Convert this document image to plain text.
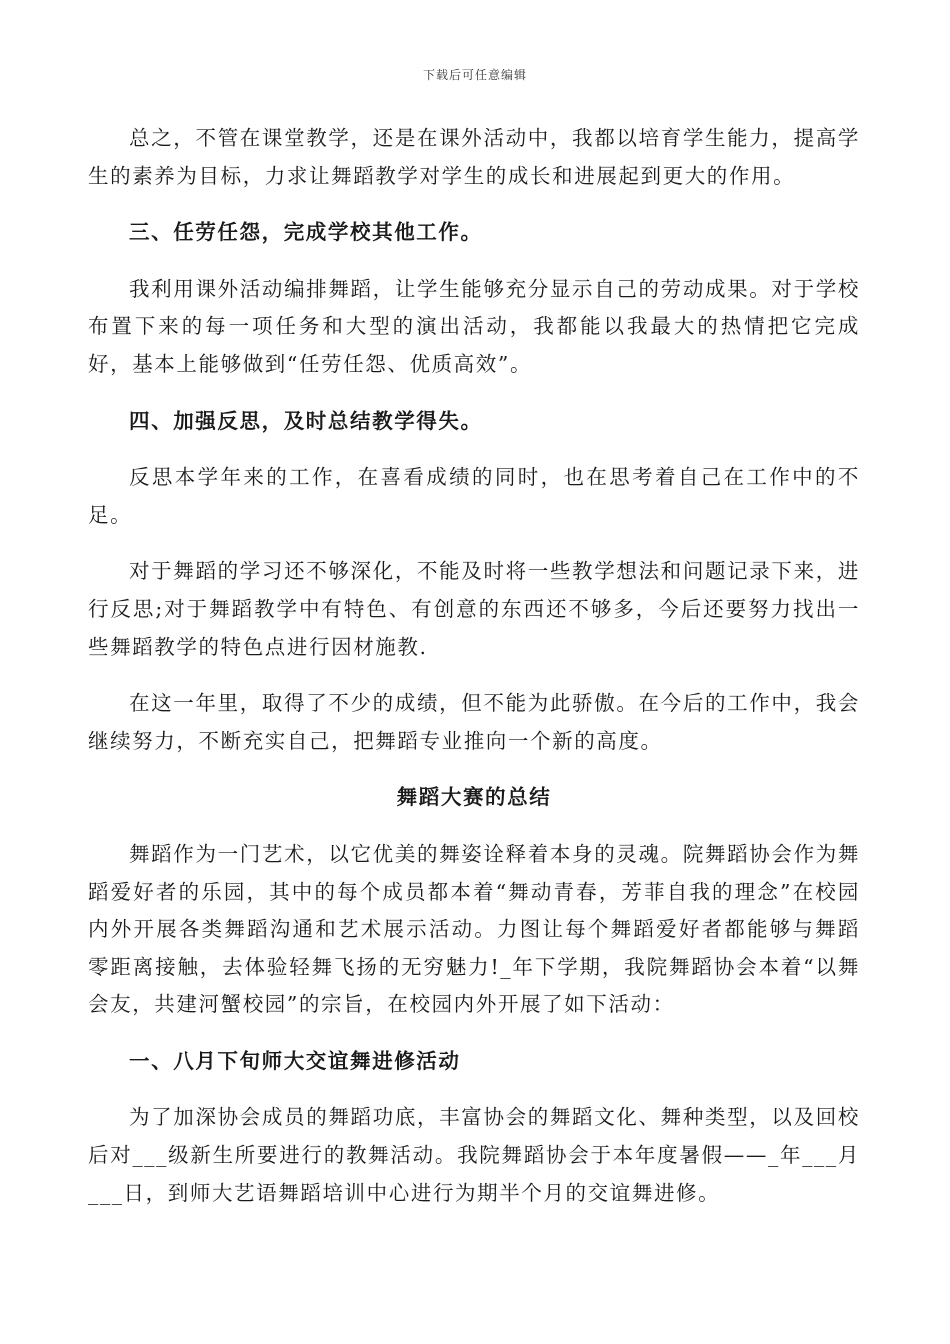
下载后可任意编辑

总之，不管在课堂教学，还是在课外活动中，我都以培育学生能力，提高学生的素养为目标，力求让舞蹈教学对学生的成长和进展起到更大的作用。

三、任劳任怨，完成学校其他工作。

我利用课外活动编排舞蹈，让学生能够充分显示自己的劳动成果。对于学校布置下来的每一项任务和大型的演出活动，我都能以我最大的热情把它完成好，基本上能够做到“任劳任怨、优质高效”。

四、加强反思，及时总结教学得失。

反思本学年来的工作，在喜看成绩的同时，也在思考着自己在工作中的不足。

对于舞蹈的学习还不够深化，不能及时将一些教学想法和问题记录下来，进行反思;对于舞蹈教学中有特色、有创意的东西还不够多，今后还要努力找出一些舞蹈教学的特色点进行因材施教.

在这一年里，取得了不少的成绩，但不能为此骄傲。在今后的工作中，我会继续努力，不断充实自己，把舞蹈专业推向一个新的高度。

舞蹈大赛的总结

舞蹈作为一门艺术，以它优美的舞姿诠释着本身的灵魂。院舞蹈协会作为舞蹈爱好者的乐园，其中的每个成员都本着“舞动青春，芳菲自我的理念”在校园内外开展各类舞蹈沟通和艺术展示活动。力图让每个舞蹈爱好者都能够与舞蹈零距离接触，去体验轻舞飞扬的无穷魅力!_年下学期，我院舞蹈协会本着“以舞会友，共建河蟹校园”的宗旨，在校园内外开展了如下活动：

一、八月下旬师大交谊舞进修活动

为了加深协会成员的舞蹈功底，丰富协会的舞蹈文化、舞种类型，以及回校后对___级新生所要进行的教舞活动。我院舞蹈协会于本年度暑假——_年___月___日，到师大艺语舞蹈培训中心进行为期半个月的交谊舞进修。
